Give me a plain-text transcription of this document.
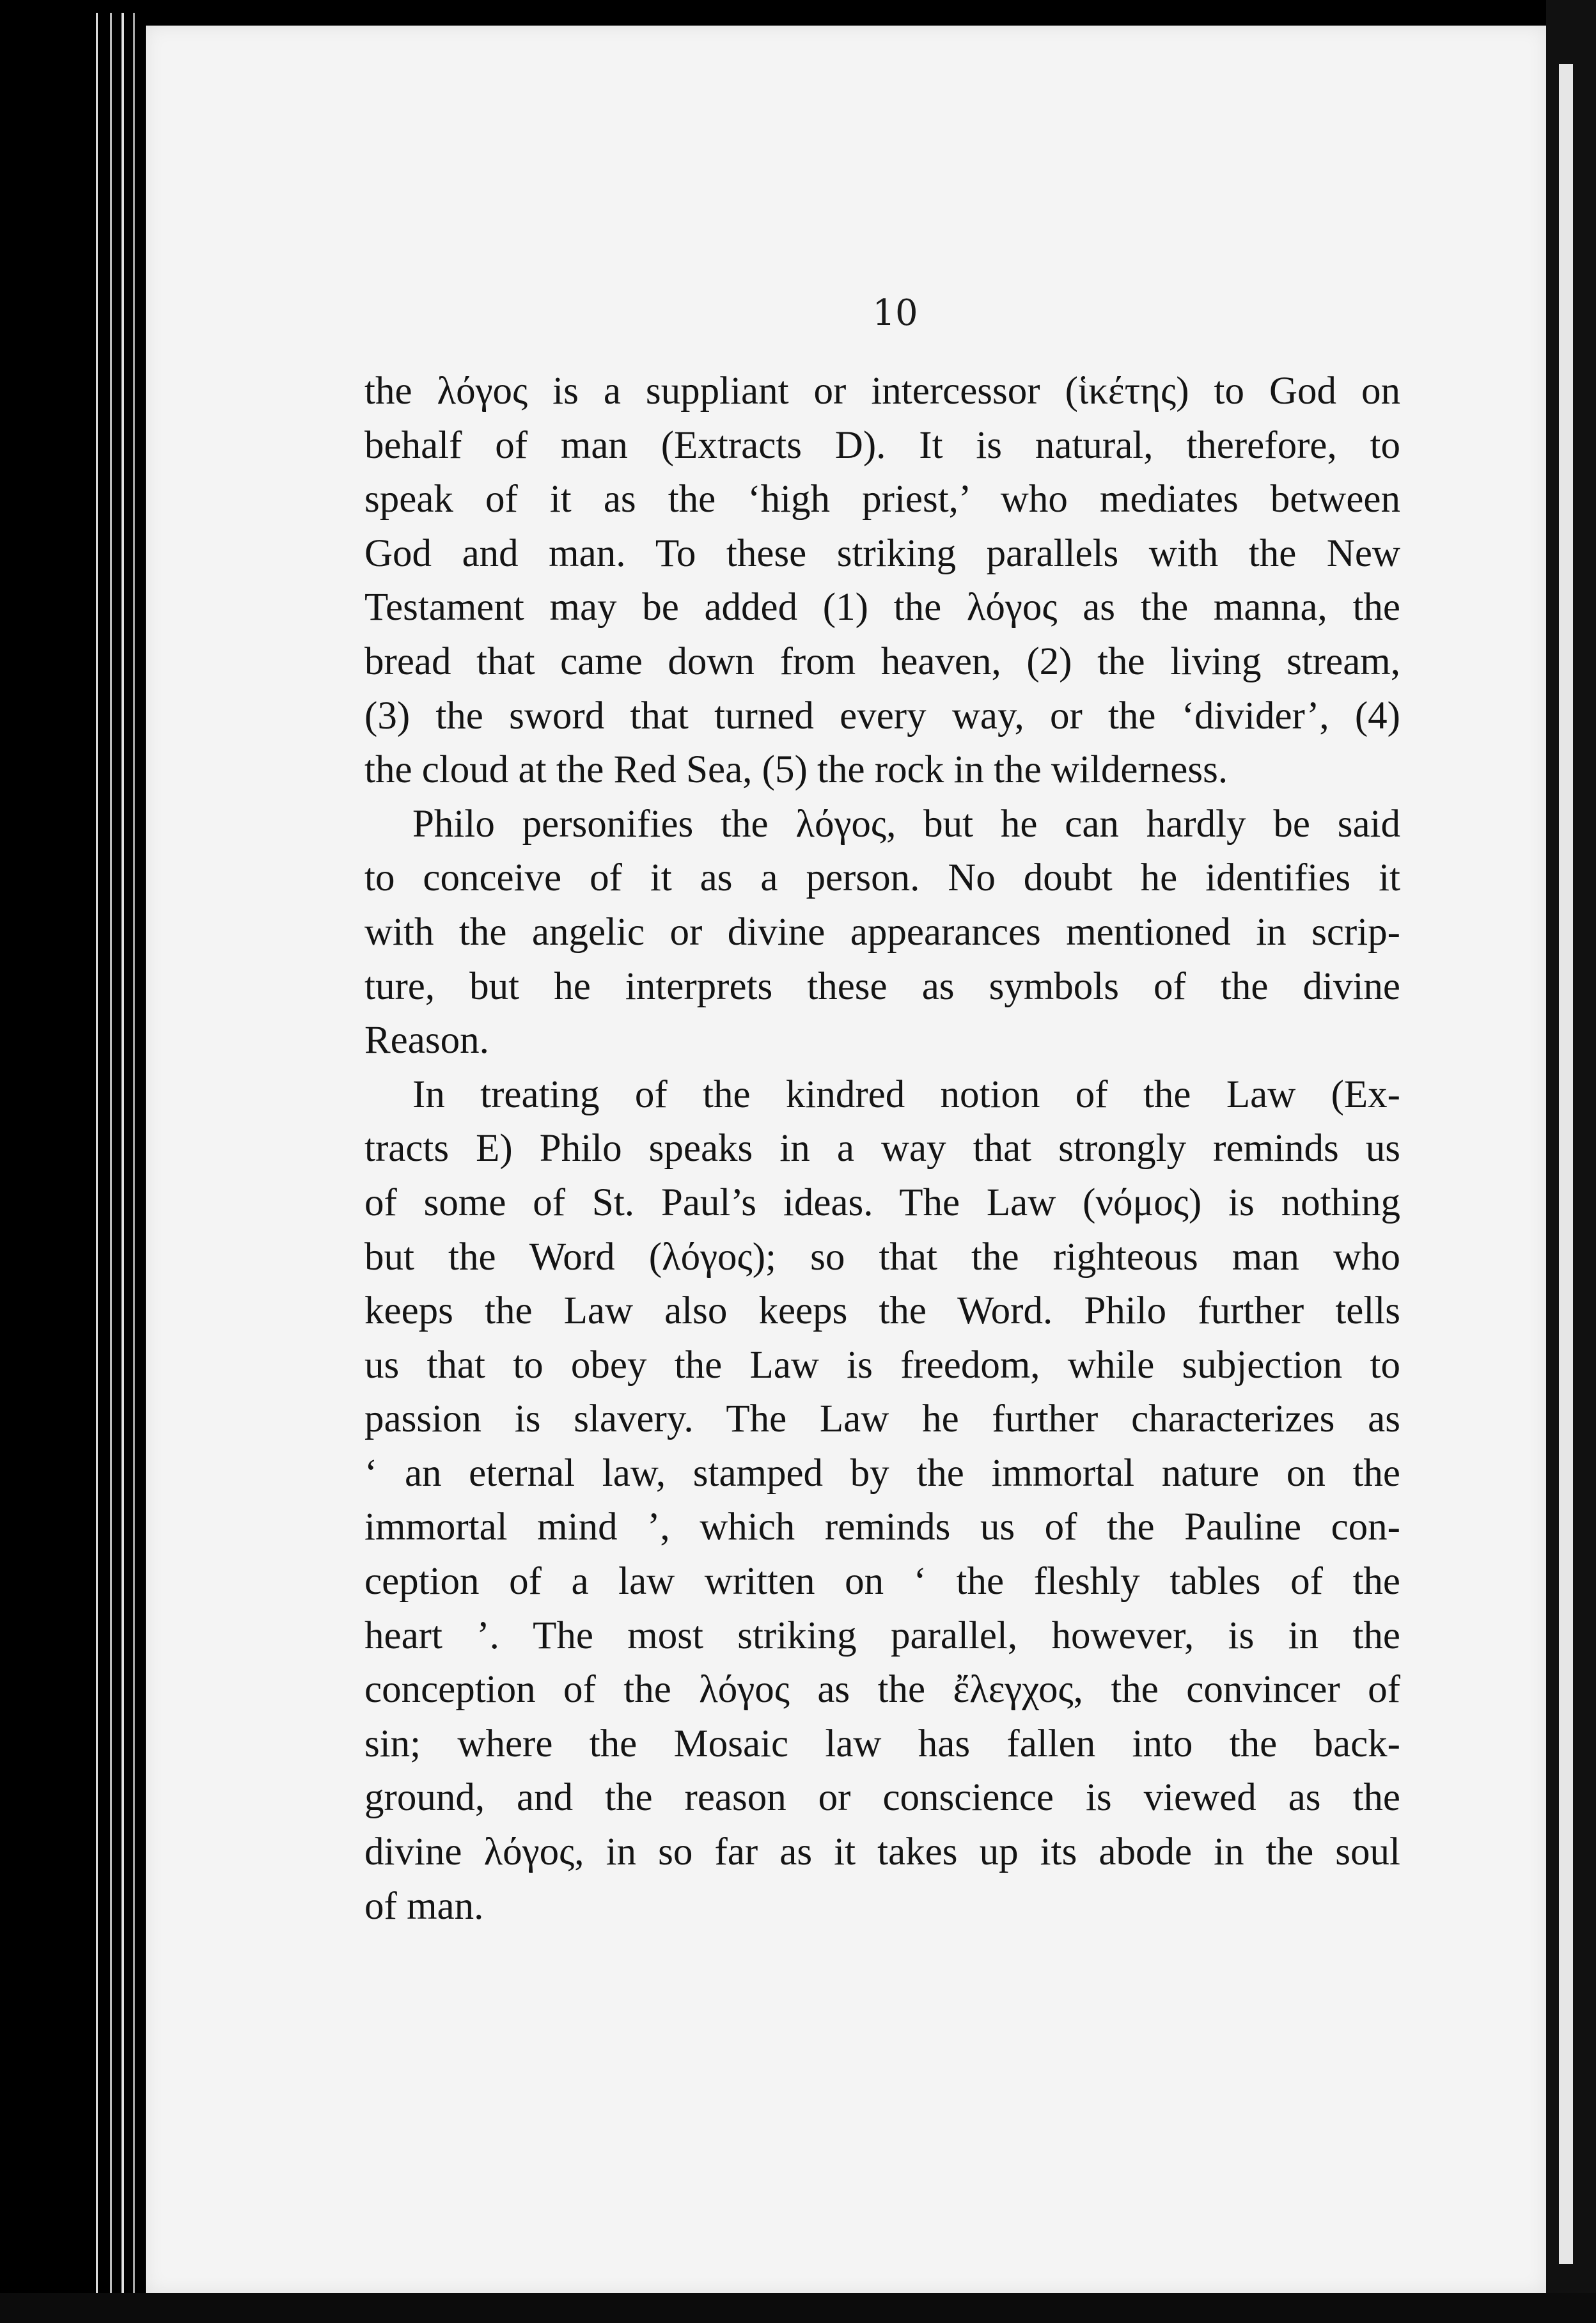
10

the λόγος is a suppliant or intercessor (ἱκέτης) to God on
behalf of man (Extracts D). It is natural, therefore, to
speak of it as the ‘high priest,’ who mediates between
God and man. To these striking parallels with the New
Testament may be added (1) the λόγος as the manna, the
bread that came down from heaven, (2) the living stream,
(3) the sword that turned every way, or the ‘divider’, (4)
the cloud at the Red Sea, (5) the rock in the wilderness.

Philo personifies the λόγος, but he can hardly be said
to conceive of it as a person. No doubt he identifies it
with the angelic or divine appearances mentioned in scrip-
ture, but he interprets these as symbols of the divine
Reason.

In treating of the kindred notion of the Law (Ex-
tracts E) Philo speaks in a way that strongly reminds us
of some of St. Paul’s ideas. The Law (νόμος) is nothing
but the Word (λόγος); so that the righteous man who
keeps the Law also keeps the Word. Philo further tells
us that to obey the Law is freedom, while subjection to
passion is slavery. The Law he further characterizes as
‘ an eternal law, stamped by the immortal nature on the
immortal mind ’, which reminds us of the Pauline con-
ception of a law written on ‘ the fleshly tables of the
heart ’. The most striking parallel, however, is in the
conception of the λόγος as the ἔλεγχος, the convincer of
sin; where the Mosaic law has fallen into the back-
ground, and the reason or conscience is viewed as the
divine λόγος, in so far as it takes up its abode in the soul
of man.
